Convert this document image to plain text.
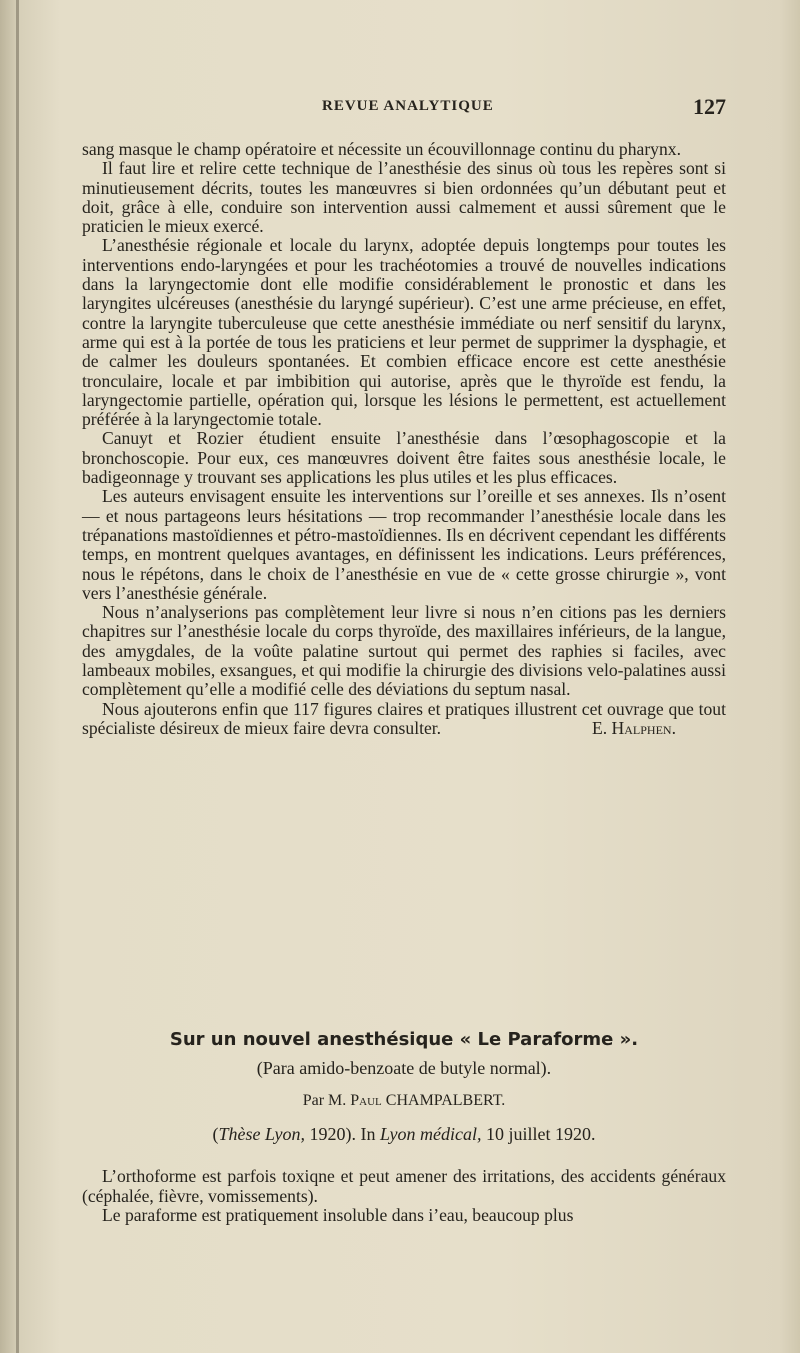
REVUE ANALYTIQUE	127

sang masque le champ opératoire et nécessite un écouvillonnage continu du pharynx.

Il faut lire et relire cette technique de l’anesthésie des sinus où tous les repères sont si minutieusement décrits, toutes les manœuvres si bien ordonnées qu’un débutant peut et doit, grâce à elle, conduire son intervention aussi calmement et aussi sûrement que le praticien le mieux exercé.

L’anesthésie régionale et locale du larynx, adoptée depuis longtemps pour toutes les interventions endo-laryngées et pour les trachéotomies a trouvé de nouvelles indications dans la laryngectomie dont elle modifie considérablement le pronostic et dans les laryngites ulcéreuses (anesthésie du laryngé supérieur). C’est une arme précieuse, en effet, contre la laryngite tuberculeuse que cette anesthésie immédiate ou nerf sensitif du larynx, arme qui est à la portée de tous les praticiens et leur permet de supprimer la dysphagie, et de calmer les douleurs spontanées. Et combien efficace encore est cette anesthésie tronculaire, locale et par imbibition qui autorise, après que le thyroïde est fendu, la laryngectomie partielle, opération qui, lorsque les lésions le permettent, est actuellement préférée à la laryngectomie totale.

Canuyt et Rozier étudient ensuite l’anesthésie dans l’œsophagoscopie et la bronchoscopie. Pour eux, ces manœuvres doivent être faites sous anesthésie locale, le badigeonnage y trouvant ses applications les plus utiles et les plus efficaces.

Les auteurs envisagent ensuite les interventions sur l’oreille et ses annexes. Ils n’osent — et nous partageons leurs hésitations — trop recommander l’anesthésie locale dans les trépanations mastoïdiennes et pétro-mastoïdiennes. Ils en décrivent cependant les différents temps, en montrent quelques avantages, en définissent les indications. Leurs préférences, nous le répétons, dans le choix de l’anesthésie en vue de « cette grosse chirurgie », vont vers l’anesthésie générale.

Nous n’analyserions pas complètement leur livre si nous n’en citions pas les derniers chapitres sur l’anesthésie locale du corps thyroïde, des maxillaires inférieurs, de la langue, des amygdales, de la voûte palatine surtout qui permet des raphies si faciles, avec lambeaux mobiles, exsangues, et qui modifie la chirurgie des divisions velo-palatines aussi complètement qu’elle a modifié celle des déviations du septum nasal.

Nous ajouterons enfin que 117 figures claires et pratiques illustrent cet ouvrage que tout spécialiste désireux de mieux faire devra consulter.	E. Halphen.

Sur un nouvel anesthésique « Le Paraforme ».

(Para amido-benzoate de butyle normal).

Par M. Paul CHAMPALBERT.

(Thèse Lyon, 1920). In Lyon médical, 10 juillet 1920.

L’orthoforme est parfois toxiqne et peut amener des irritations, des accidents généraux (céphalée, fièvre, vomissements).

Le paraforme est pratiquement insoluble dans i’eau, beaucoup plus
